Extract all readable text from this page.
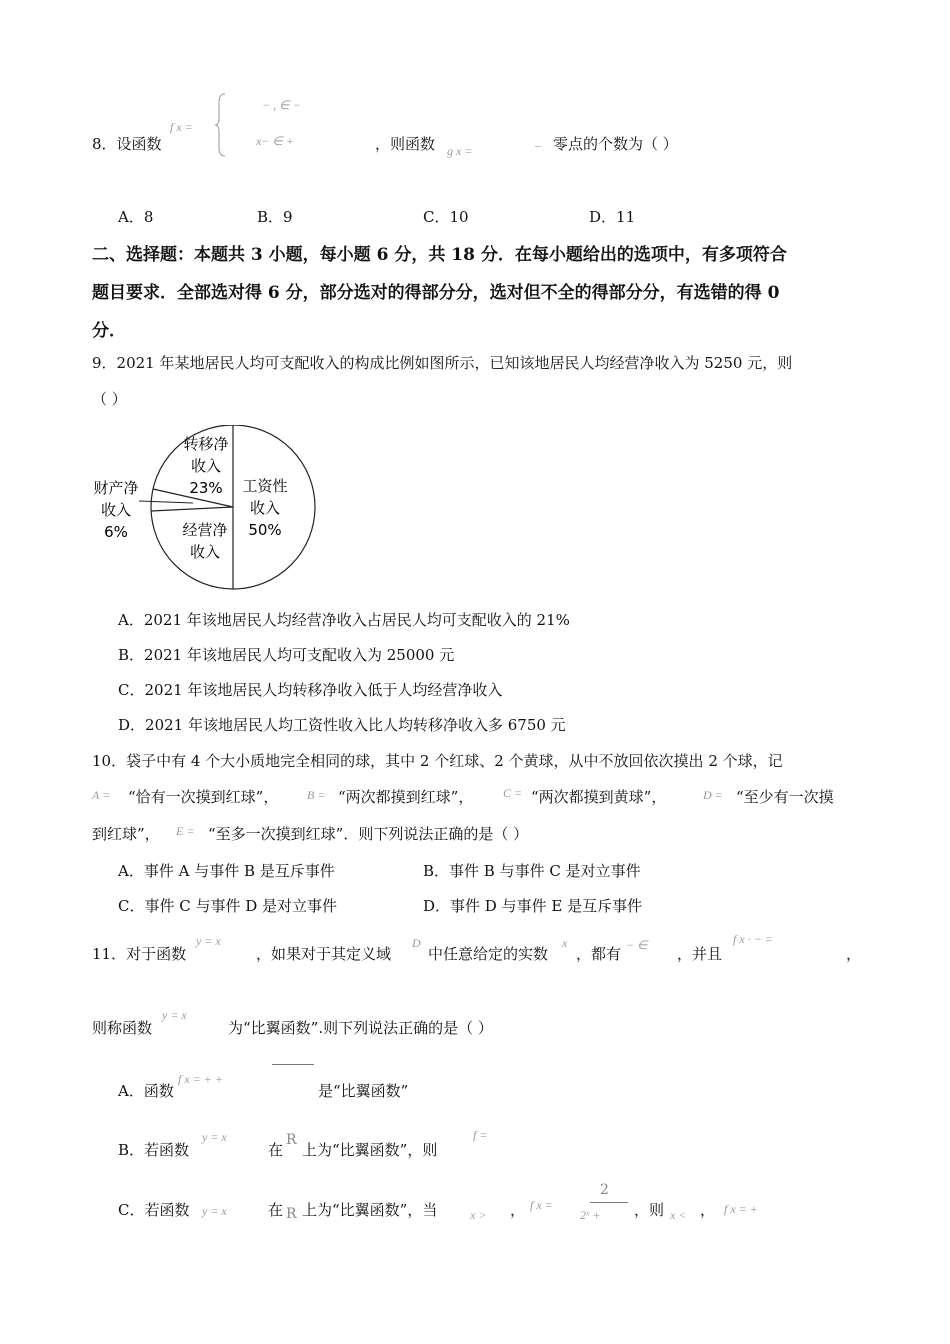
8．设函数
f x =
− , ∈ −
x− ∈ +	，则函数 g x =
_ 零点的个数为（ ）
A．8	B．9	C．10	D．11
二、选择题：本题共 3 小题，每小题 6 分，共 18 分．在每小题给出的选项中，有多项符合
题目要求．全部选对得 6 分，部分选对的得部分分，选对但不全的得部分分，有选错的得 0
分．
9．2021 年某地居民人均可支配收入的构成比例如图所示，已知该地居民人均经营净收入为 5250 元，则
（ ）
工资性
收入
50%
转移净
收入
23%
财产净
收入
6%	经营净
收入
A．2021 年该地居民人均经营净收入占居民人均可支配收入的 21%
B．2021 年该地居民人均可支配收入为 25000 元
C．2021 年该地居民人均转移净收入低于人均经营净收入
D．2021 年该地居民人均工资性收入比人均转移净收入多 6750 元
10．袋子中有 4 个大小质地完全相同的球，其中 2 个红球、2 个黄球，从中不放回依次摸出 2 个球，记
A = “恰有一次摸到红球”， B = “两次都摸到红球”， C = “两次都摸到黄球”，	D = “至少有一次摸
到红球”， E = “至多一次摸到红球”．则下列说法正确的是（ ）
A．事件 A 与事件 B 是互斥事件	B．事件 B 与事件 C 是对立事件
C．事件 C 与事件 D 是对立事件	D．事件 D 与事件 E 是互斥事件
11．对于函数
y = x
，如果对于其定义域
D
中任意给定的实数
x
，都有 − ∈ ，并且
f x · − =
，
则称函数
y = x
为“比翼函数”.则下列说法正确的是（ ）
A．函数
f x = + +
是“比翼函数”
B．若函数
y = x
在
R
上为“比翼函数”，则
f =
C．若函数 y = x	在 R 上为“比翼函数”，当	x > ， f x =
2
2ˣ + ，则 x < ， f x = +
